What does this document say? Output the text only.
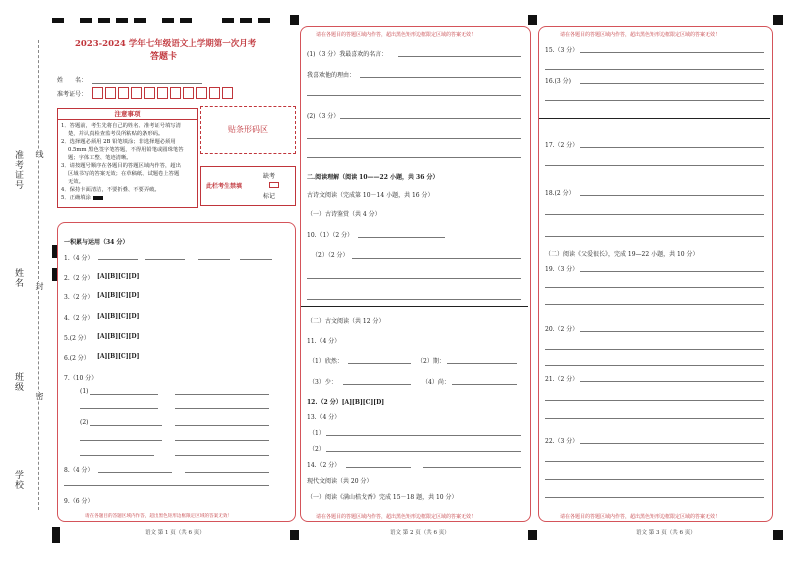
准考证号 线
姓名 封
班级
密
学校
2023-2024 学年七年级语文上学期第一次月考
答题卡
姓　　名：
准考证号：
注意事项
1．答题前，考生先将自己的姓名、准考证号填写清
楚，并认真检查监考员所粘贴的条形码。
2．选择题必须用 2B 铅笔填涂；非选择题必须用
0.5mm 黑色签字笔答题，不得用铅笔或圆珠笔答
题；字体工整、笔迹清晰。
3．请按题号顺序在各题目的答题区域内作答，超出
区域书写的答案无效；在草稿纸、试题卷上答题
无效。
4．保持卡面清洁，不要折叠、不要弄破。
5．正确填涂
贴条形码区
此栏考生禁填
缺考
标记
一积累与运用（34 分）
1.（4 分）
2.（2 分） [A][B][C][D]
3.（2 分） [A][B][C][D]
4.（2 分） [A][B][C][D]
5.(2 分） [A][B][C][D]
6.(2 分） [A][B][C][D]
7.（10 分）
(1)
(2)
8.（4 分）
9.（6 分）
请在各题目的答题区域内作答，超出黑色矩形边框限定区域的答案无效！
语文 第 1 页（共 6 页）
请在各题目的答题区域内作答，超出黑色矩形边框限定区域的答案无效！
(1)（3 分）我最喜欢的名言：
我喜欢他的理由：
(2)（3 分）
二.阅读理解（阅读 10——22 小题，共 36 分）
古诗文阅读（完成第 10－14 小题，共 16 分）
（一）古诗鉴赏（共 4 分）
10.（1）（2 分）
（2）（2 分）
（二）古文阅读（共 12 分）
11.（4 分）
（1）欣然：	（2）期：
（3）少：	（4）尚：
12.（2 分）[A][B][C][D]
13.（4 分）
（1）
（2）
14.（2 分）
现代文阅读（共 20 分）
（一）阅读《满山桔戈香》完成 15－18 题，共 10 分）
请在各题目的答题区域内作答，超出黑色矩形边框限定区域的答案无效！
语文 第 2 页（共 6 页）
请在各题目的答题区域内作答，超出黑色矩形边框限定区域的答案无效！
15.（3 分）
16.(3 分)
17.（2 分）
18.(2 分）
（二）阅读《父爱很长》，完成 19—22 小题，共 10 分）
19.（3 分）
20.（2 分）
21.（2 分）
22.（3 分）
请在各题目的答题区域内作答，超出黑色矩形边框限定区域的答案无效！
语文 第 3 页（共 6 页）
